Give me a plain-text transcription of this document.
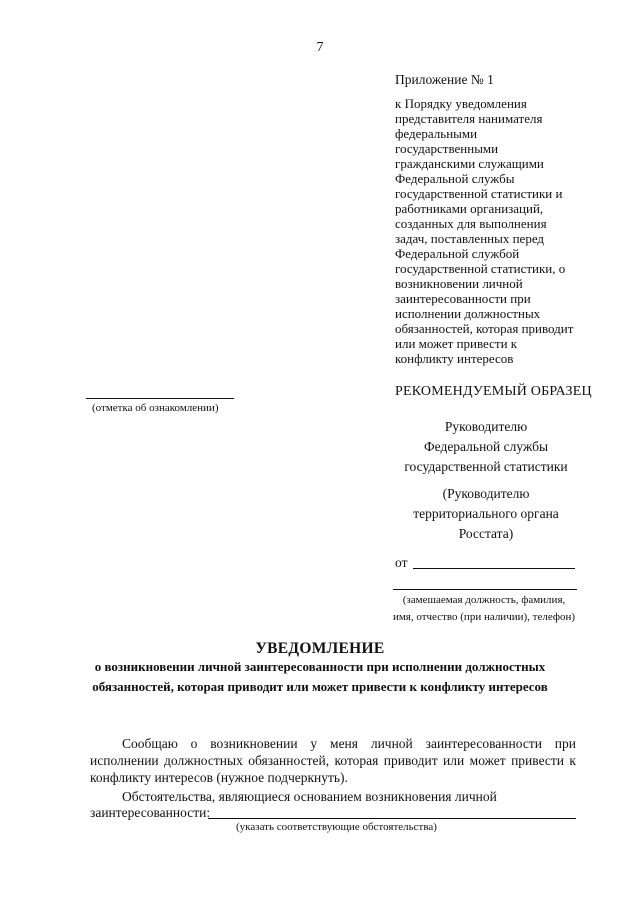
7
Приложение № 1
к Порядку уведомления
представителя нанимателя
федеральными
государственными
гражданскими служащими
Федеральной службы
государственной статистики и
работниками организаций,
созданных для выполнения
задач, поставленных перед
Федеральной службой
государственной статистики, о
возникновении личной
заинтересованности при
исполнении должностных
обязанностей, которая приводит
или может привести к
конфликту интересов
РЕКОМЕНДУЕМЫЙ ОБРАЗЕЦ
(отметка об ознакомлении)
Руководителю
Федеральной службы
государственной статистики
(Руководителю
территориального органа
Росстата)
от
(замешаемая должность, фамилия,
имя, отчество (при наличии), телефон)
УВЕДОМЛЕНИЕ
о возникновении личной заинтересованности при исполнении должностных
обязанностей, которая приводит или может привести к конфликту интересов
Сообщаю о возникновении у меня личной заинтересованности при исполнении должностных обязанностей, которая приводит или может привести к конфликту интересов (нужное подчеркнуть).
Обстоятельства, являющиеся основанием возникновения личной
заинтересованности:
(указать соответствующие обстоятельства)
